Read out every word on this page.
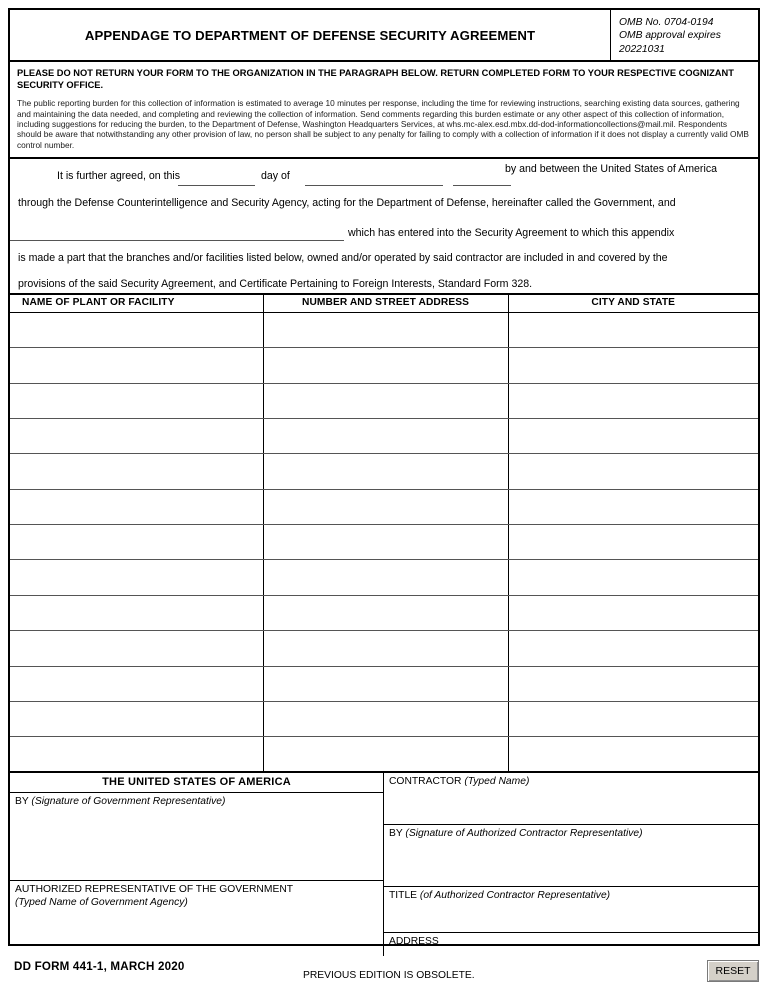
APPENDAGE TO DEPARTMENT OF DEFENSE SECURITY AGREEMENT
OMB No. 0704-0194
OMB approval expires
20221031
PLEASE DO NOT RETURN YOUR FORM TO THE ORGANIZATION IN THE PARAGRAPH BELOW. RETURN COMPLETED FORM TO YOUR RESPECTIVE COGNIZANT SECURITY OFFICE.
The public reporting burden for this collection of information is estimated to average 10 minutes per response, including the time for reviewing instructions, searching existing data sources, gathering and maintaining the data needed, and completing and reviewing the collection of information. Send comments regarding this burden estimate or any other aspect of this collection of information, including suggestions for reducing the burden, to the Department of Defense, Washington Headquarters Services, at whs.mc-alex.esd.mbx.dd-dod-informationcollections@mail.mil. Respondents should be aware that notwithstanding any other provision of law, no person shall be subject to any penalty for failing to comply with a collection of information if it does not display a currently valid OMB control number.
It is further agreed, on this	day of
by and between the United States of America
through the Defense Counterintelligence and Security Agency, acting for the Department of Defense, hereinafter called the Government, and
which has entered into the Security Agreement to which this appendix
is made a part that the branches and/or facilities listed below, owned and/or operated by said contractor are included in and covered by the
provisions of the said Security Agreement, and Certificate Pertaining to Foreign Interests, Standard Form 328.
NAME OF PLANT OR FACILITY	NUMBER AND STREET ADDRESS	CITY AND STATE

THE UNITED STATES OF AMERICA
BY (Signature of Government Representative)
AUTHORIZED REPRESENTATIVE OF THE GOVERNMENT
(Typed Name of Government Agency)
CONTRACTOR (Typed Name)
BY (Signature of Authorized Contractor Representative)
TITLE (of Authorized Contractor Representative)
ADDRESS
DD FORM 441-1, MARCH 2020
PREVIOUS EDITION IS OBSOLETE.	RESET
